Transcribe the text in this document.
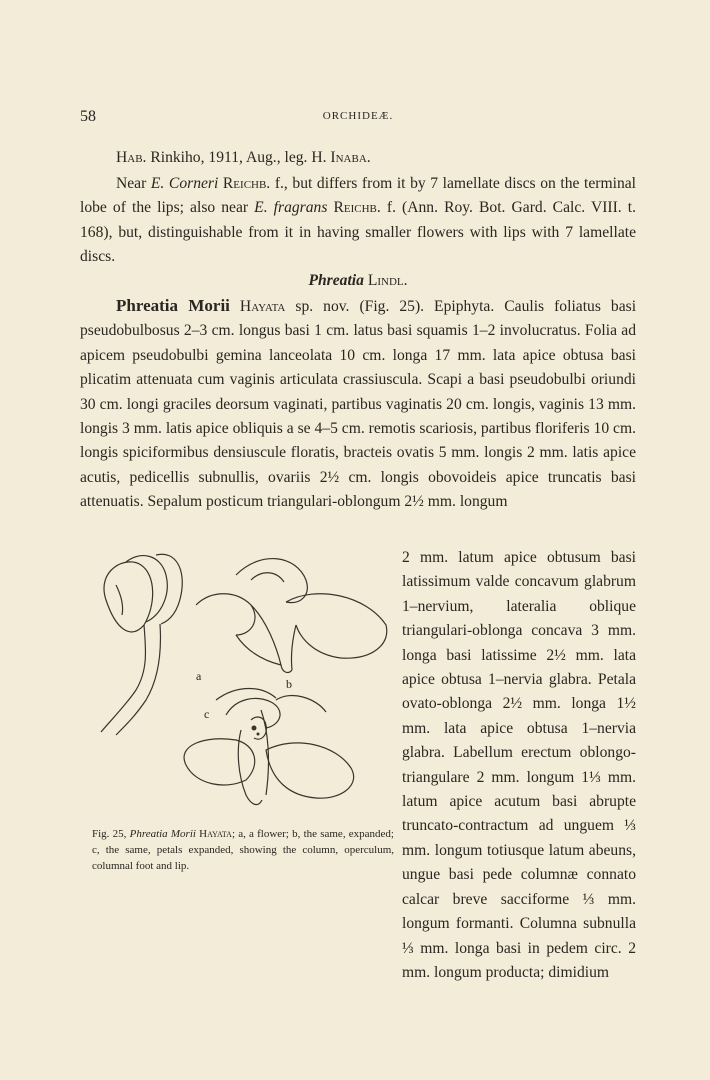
58	ORCHIDEÆ.

Hab. Rinkiho, 1911, Aug., leg. H. Inaba.

Near E. Corneri Reichb. f., but differs from it by 7 lamellate discs on the terminal lobe of the lips; also near E. fragrans Reichb. f. (Ann. Roy. Bot. Gard. Calc. VIII. t. 168), but, distinguishable from it in having smaller flowers with lips with 7 lamellate discs.

Phreatia Lindl.

Phreatia Morii Hayata sp. nov. (Fig. 25). Epiphyta. Caulis foliatus basi pseudobulbosus 2–3 cm. longus basi 1 cm. latus basi squamis 1–2 involucratus. Folia ad apicem pseudobulbi gemina lanceolata 10 cm. longa 17 mm. lata apice obtusa basi plicatim attenuata cum vaginis articulata crassiuscula. Scapi a basi pseudobulbi oriundi 30 cm. longi graciles deorsum vaginati, partibus vaginatis 20 cm. longis, vaginis 13 mm. longis 3 mm. latis apice obliquis a se 4–5 cm. remotis scariosis, partibus floriferis 10 cm. longis spiciformibus densiuscule floratis, bracteis ovatis 5 mm. longis 2 mm. latis apice acutis, pedicellis subnullis, ovariis 2½ cm. longis obovoideis apice truncatis basi attenuatis. Sepalum posticum triangulari-oblongum 2½ mm. longum

a
b
c
Fig. 25, Phreatia Morii Hayata; a, a flower; b, the same, expanded; c, the same, petals expanded, showing the column, operculum, columnal foot and lip.

2 mm. latum apice obtusum basi latissimum valde concavum glabrum 1–nervium, lateralia oblique triangulari-oblonga concava 3 mm. longa basi latissime 2½ mm. lata apice obtusa 1–nervia glabra. Petala ovato-oblonga 2½ mm. longa 1½ mm. lata apice obtusa 1–nervia glabra. Labellum erectum oblongo-triangulare 2 mm. longum 1⅓ mm. latum apice acutum basi abrupte truncato-contractum ad unguem ⅓ mm. longum totiusque latum abeuns, ungue basi pede columnæ connato calcar breve sacciforme ⅓ mm. longum formanti. Columna subnulla ⅓ mm. longa basi in pedem circ. 2 mm. longum producta; dimidium
